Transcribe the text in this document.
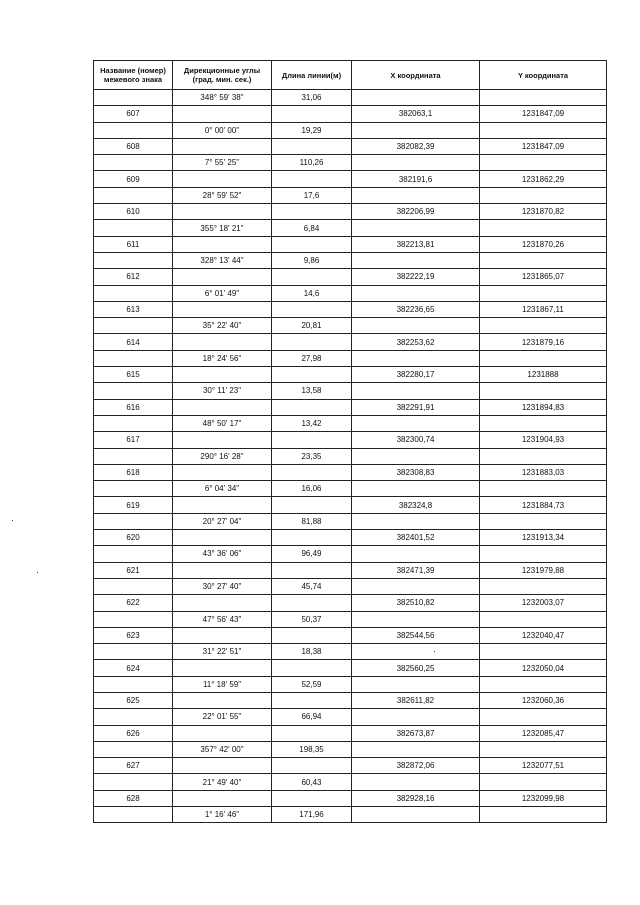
Название (номер) межевого знака	Дирекционные углы (град. мин. сек.)	Длина линии(м)	X координата	Y координата
	348° 59' 38"	31,06		
607			382063,1	1231847,09
	0° 00' 00"	19,29		
608			382082,39	1231847,09
	7° 55' 25"	110,26		
609			382191,6	1231862,29
	28° 59' 52"	17,6		
610			382206,99	1231870,82
	355° 18' 21"	6,84		
611			382213,81	1231870,26
	328° 13' 44"	9,86		
612			382222,19	1231865,07
	6° 01' 49"	14,6		
613			382236,65	1231867,11
	35° 22' 40"	20,81		
614			382253,62	1231879,16
	18° 24' 56"	27,98		
615			382280,17	1231888
	30° 11' 23"	13,58		
616			382291,91	1231894,83
	48° 50' 17"	13,42		
617			382300,74	1231904,93
	290° 16' 28"	23,35		
618			382308,83	1231883,03
	6° 04' 34"	16,06		
619			382324,8	1231884,73
	20° 27' 04"	81,88		
620			382401,52	1231913,34
	43° 36' 06"	96,49		
621			382471,39	1231979,88
	30° 27' 40"	45,74		
622			382510,82	1232003,07
	47° 56' 43"	50,37		
623			382544,56	1232040,47
	31° 22' 51"	18,38		
624			382560,25	1232050,04
	11° 18' 59"	52,59		
625			382611,82	1232060,36
	22° 01' 55"	66,94		
626			382673,87	1232085,47
	357° 42' 00"	198,35		
627			382872,06	1232077,51
	21° 49' 40"	60,43		
628			382928,16	1232099,98
	1° 16' 46"	171,96		
